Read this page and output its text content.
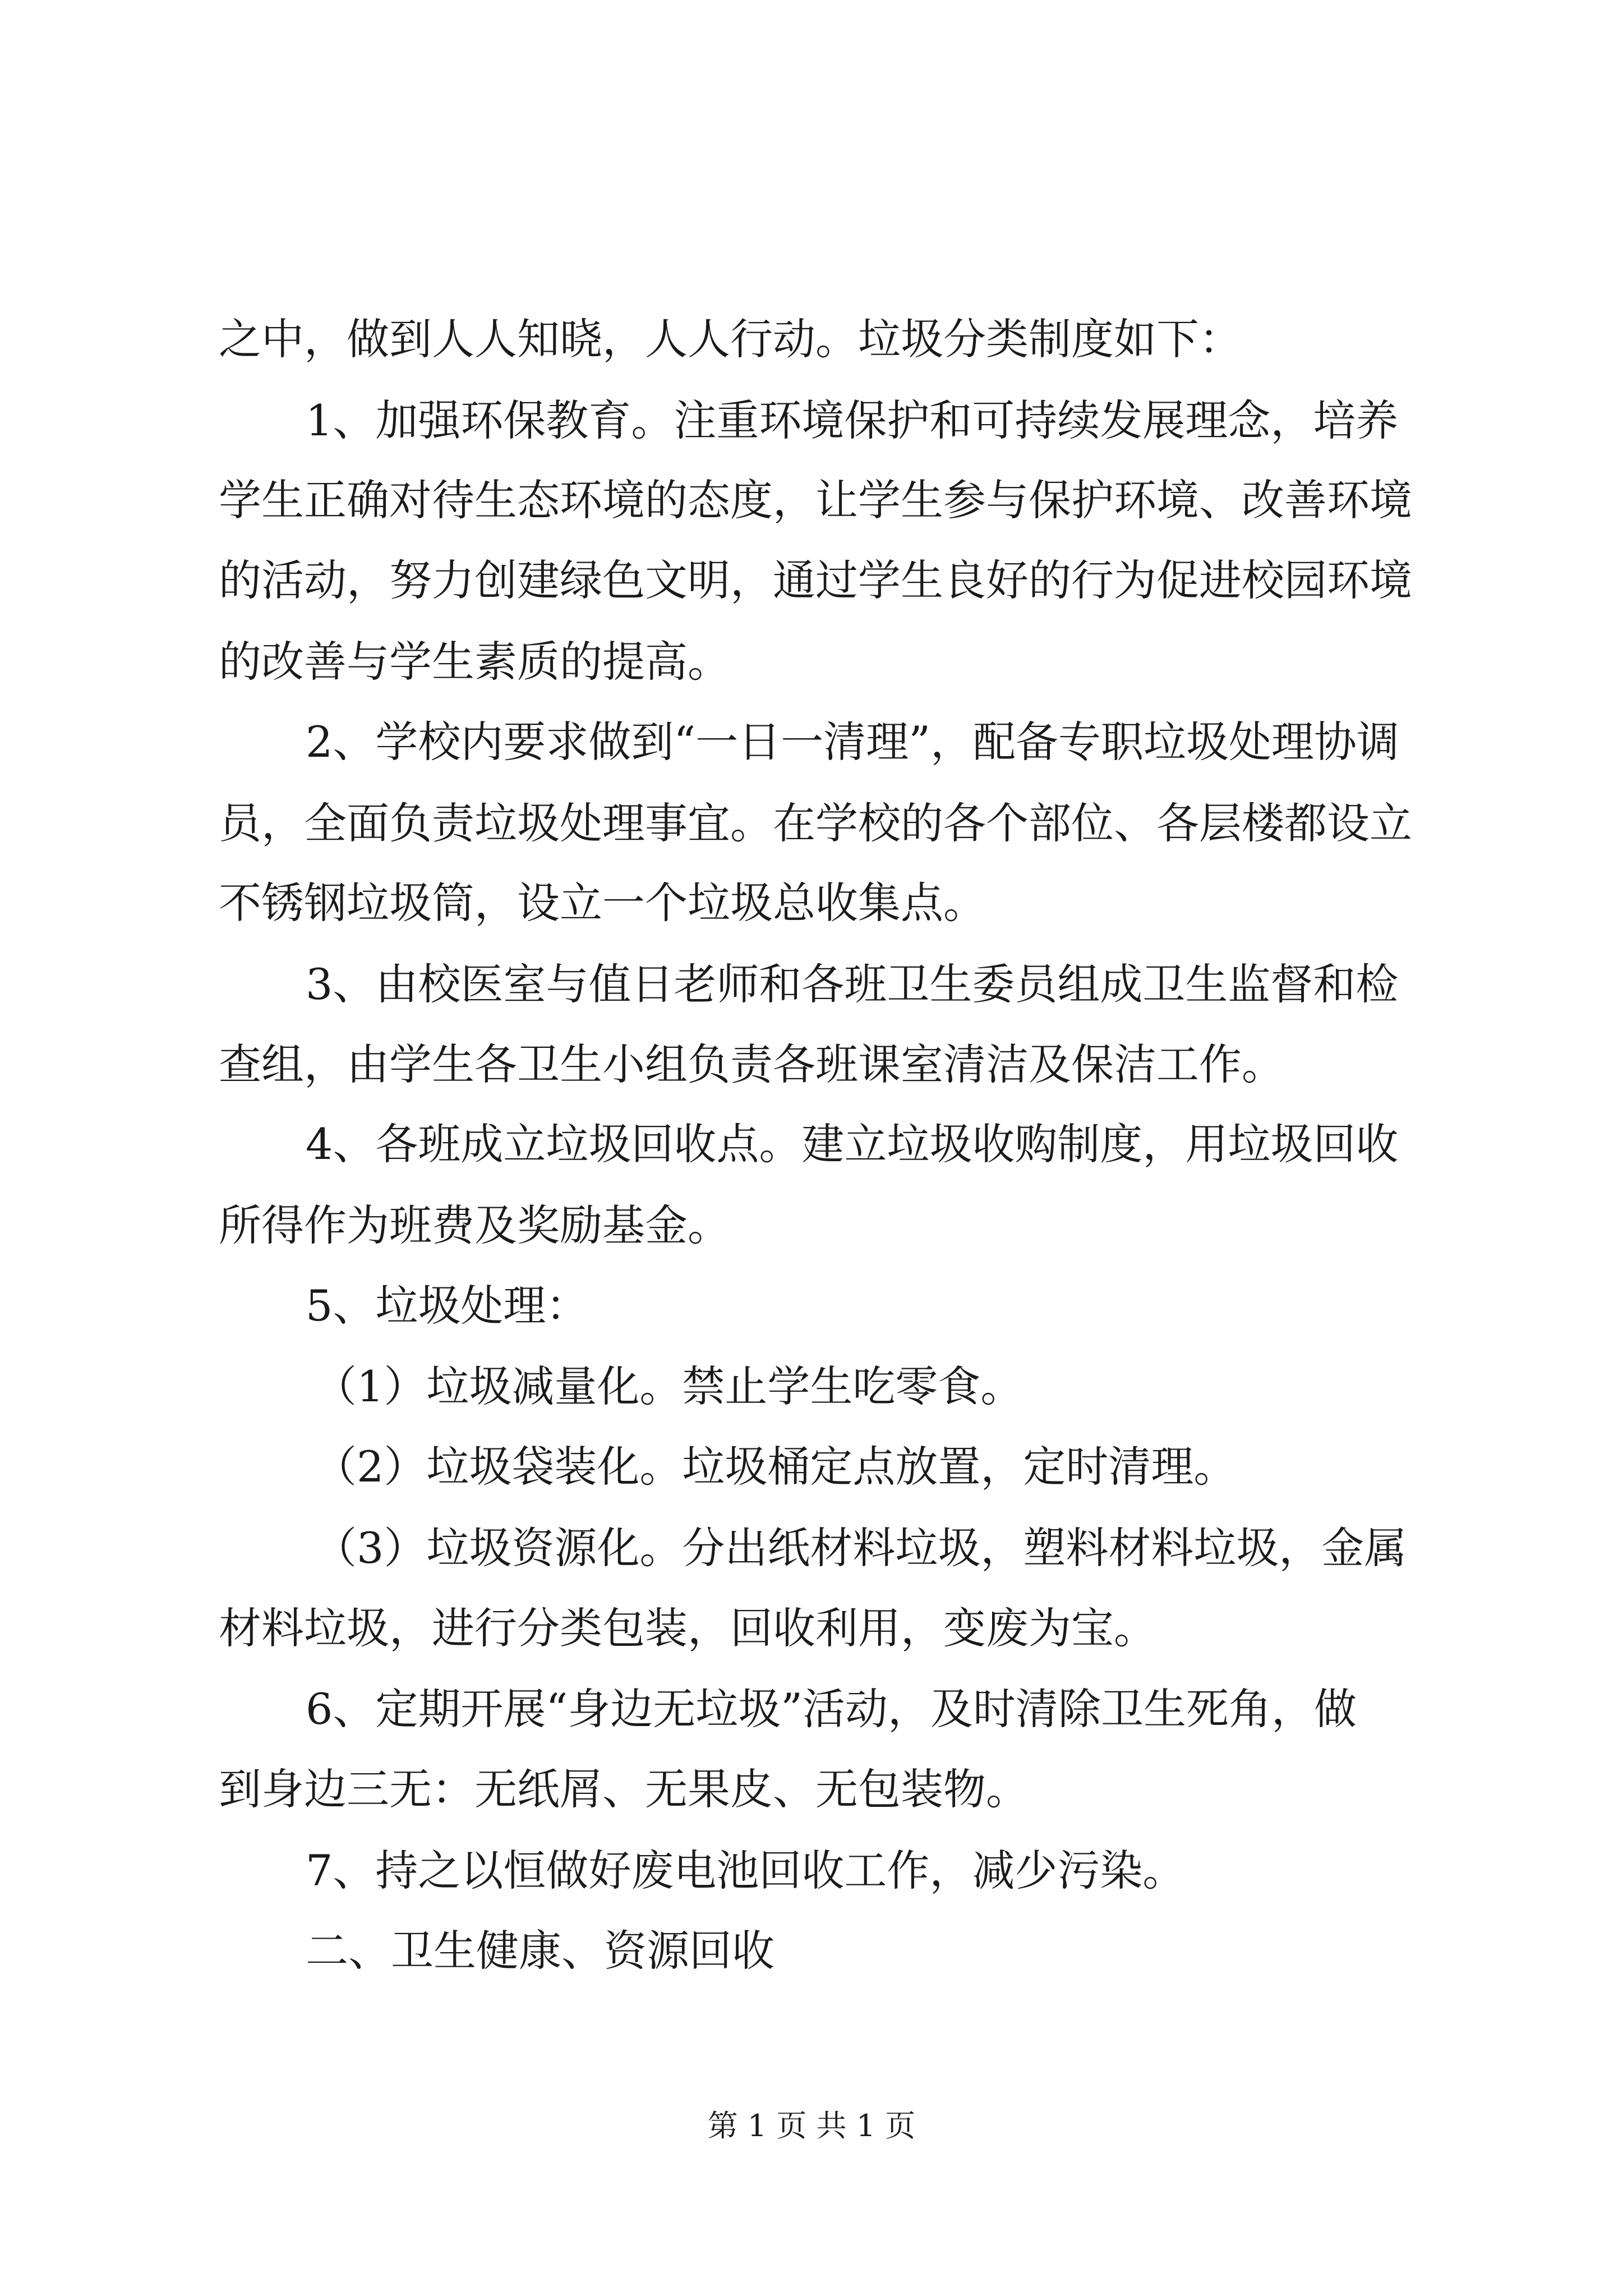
之中，做到人人知晓，人人行动。垃圾分类制度如下：
1、加强环保教育。注重环境保护和可持续发展理念，培养
学生正确对待生态环境的态度，让学生参与保护环境、改善环境
的活动，努力创建绿色文明，通过学生良好的行为促进校园环境
的改善与学生素质的提高。
2、学校内要求做到“一日一清理”，配备专职垃圾处理协调
员，全面负责垃圾处理事宜。在学校的各个部位、各层楼都设立
不锈钢垃圾筒，设立一个垃圾总收集点。
3、由校医室与值日老师和各班卫生委员组成卫生监督和检
查组，由学生各卫生小组负责各班课室清洁及保洁工作。
4、各班成立垃圾回收点。建立垃圾收购制度，用垃圾回收
所得作为班费及奖励基金。
5、垃圾处理：
（1）垃圾减量化。禁止学生吃零食。
（2）垃圾袋装化。垃圾桶定点放置，定时清理。
（3）垃圾资源化。分出纸材料垃圾，塑料材料垃圾，金属
材料垃圾，进行分类包装，回收利用，变废为宝。
6、定期开展“身边无垃圾”活动，及时清除卫生死角，做
到身边三无：无纸屑、无果皮、无包装物。
7、持之以恒做好废电池回收工作，减少污染。
二、卫生健康、资源回收
第 1 页 共 1 页
